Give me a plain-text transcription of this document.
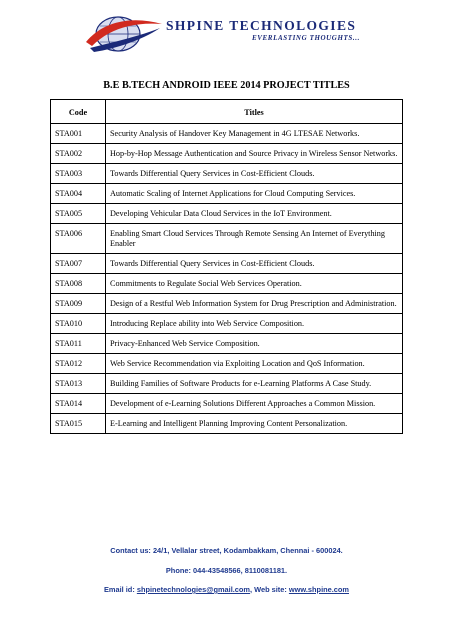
SHPINE TECHNOLOGIES
EVERLASTING THOUGHTS...
B.E B.TECH ANDROID IEEE 2014 PROJECT TITLES
Code	Titles
STA001	Security Analysis of Handover Key Management in 4G LTESAE Networks.
STA002	Hop-by-Hop Message Authentication and Source Privacy in Wireless Sensor Networks.
STA003	Towards Differential Query Services in Cost-Efficient Clouds.
STA004	Automatic Scaling of Internet Applications for Cloud Computing Services.
STA005	Developing Vehicular Data Cloud Services in the IoT Environment.
STA006	Enabling Smart Cloud Services Through Remote Sensing An Internet of Everything Enabler
STA007	Towards Differential Query Services in Cost-Efficient Clouds.
STA008	Commitments to Regulate Social Web Services Operation.
STA009	Design of a Restful Web Information System for Drug Prescription and Administration.
STA010	Introducing Replace ability into Web Service Composition.
STA011	Privacy-Enhanced Web Service Composition.
STA012	Web Service Recommendation via Exploiting Location and QoS Information.
STA013	Building Families of Software Products for e-Learning Platforms A Case Study.
STA014	Development of e-Learning Solutions Different Approaches a Common Mission.
STA015	E-Learning and Intelligent Planning Improving Content Personalization.
Contact us: 24/1, Vellalar street, Kodambakkam, Chennai - 600024.
Phone: 044-43548566, 8110081181.
Email id: shpinetechnologies@gmail.com, Web site: www.shpine.com
